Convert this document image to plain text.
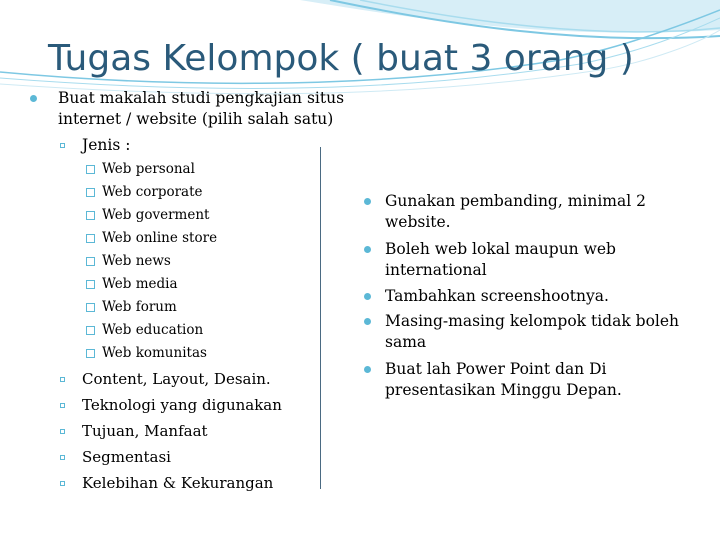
Tugas Kelompok ( buat 3 orang )
Buat makalah studi pengkajian situs
internet / website (pilih salah satu)
Jenis :
Web personal
Web corporate
Web goverment
Web online store
Web news
Web media
Web forum
Web education
Web komunitas
Content, Layout, Desain.
Teknologi yang digunakan
Tujuan, Manfaat
Segmentasi
Kelebihan & Kekurangan
Gunakan pembanding, minimal 2
website.
Boleh web lokal maupun web
international
Tambahkan screenshootnya.
Masing-masing kelompok tidak boleh
sama
Buat lah Power Point dan Di
presentasikan Minggu Depan.
